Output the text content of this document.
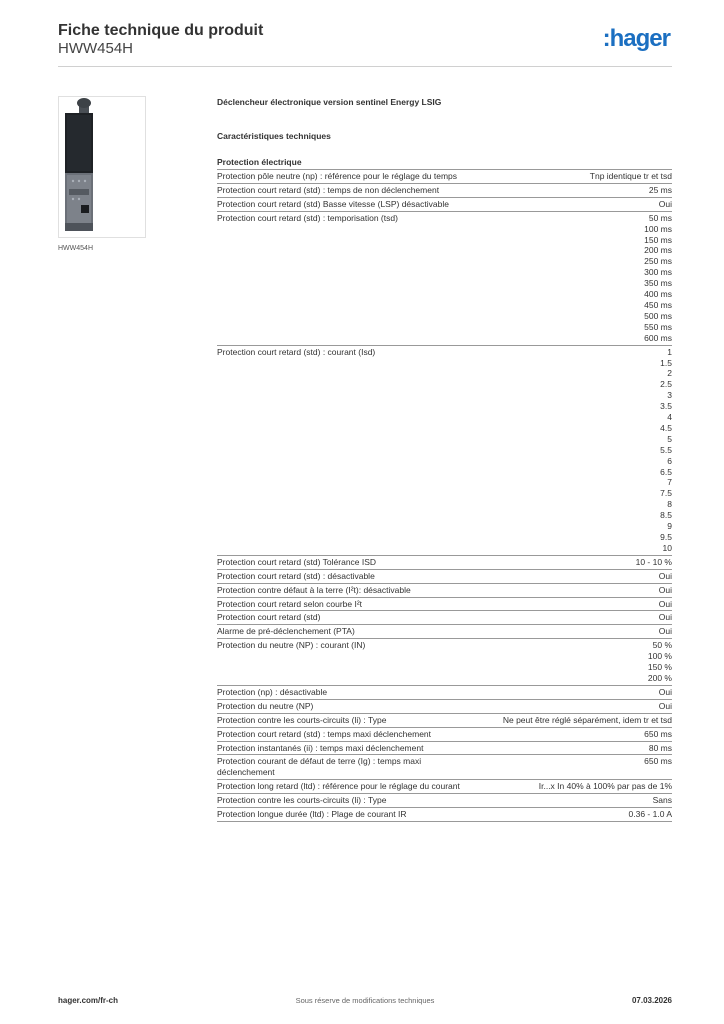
Fiche technique du produit
HWW454H	:hager
HWW454H
Déclencheur électronique version sentinel Energy LSIG
Caractéristiques techniques
Protection électrique
Protection pôle neutre (np) : référence pour le réglage du temps	Tnp identique tr et tsd
Protection court retard (std) : temps de non déclenchement	25 ms
Protection court retard (std) Basse vitesse (LSP) désactivable	Oui
Protection court retard (std) : temporisation (tsd)	50 ms
100 ms
150 ms
200 ms
250 ms
300 ms
350 ms
400 ms
450 ms
500 ms
550 ms
600 ms
Protection court retard (std) : courant (Isd)	1
1.5
2
2.5
3
3.5
4
4.5
5
5.5
6
6.5
7
7.5
8
8.5
9
9.5
10
Protection court retard (std) Tolérance ISD	10 - 10 %
Protection court retard (std) : désactivable	Oui
Protection contre défaut à la terre (I²t): désactivable	Oui
Protection court retard selon courbe I²t	Oui
Protection court retard (std)	Oui
Alarme de pré-déclenchement (PTA)	Oui
Protection du neutre (NP) : courant (IN)	50 %
100 %
150 %
200 %
Protection (np) : désactivable	Oui
Protection du neutre (NP)	Oui
Protection contre les courts-circuits (li) : Type	Ne peut être réglé séparément, idem tr et tsd
Protection court retard (std) : temps maxi déclenchement	650 ms
Protection instantanés (ii) : temps maxi déclenchement	80 ms
Protection courant de défaut de terre (Ig) : temps maxi déclenchement
650 ms
Protection long retard (ltd) : référence pour le réglage du courant	Ir...x In 40% à 100% par pas de 1%
Protection contre les courts-circuits (li) : Type	Sans
Protection longue durée (ltd) : Plage de courant IR	0.36 - 1.0 A
hager.com/fr-ch	Sous réserve de modifications techniques	07.03.2026
